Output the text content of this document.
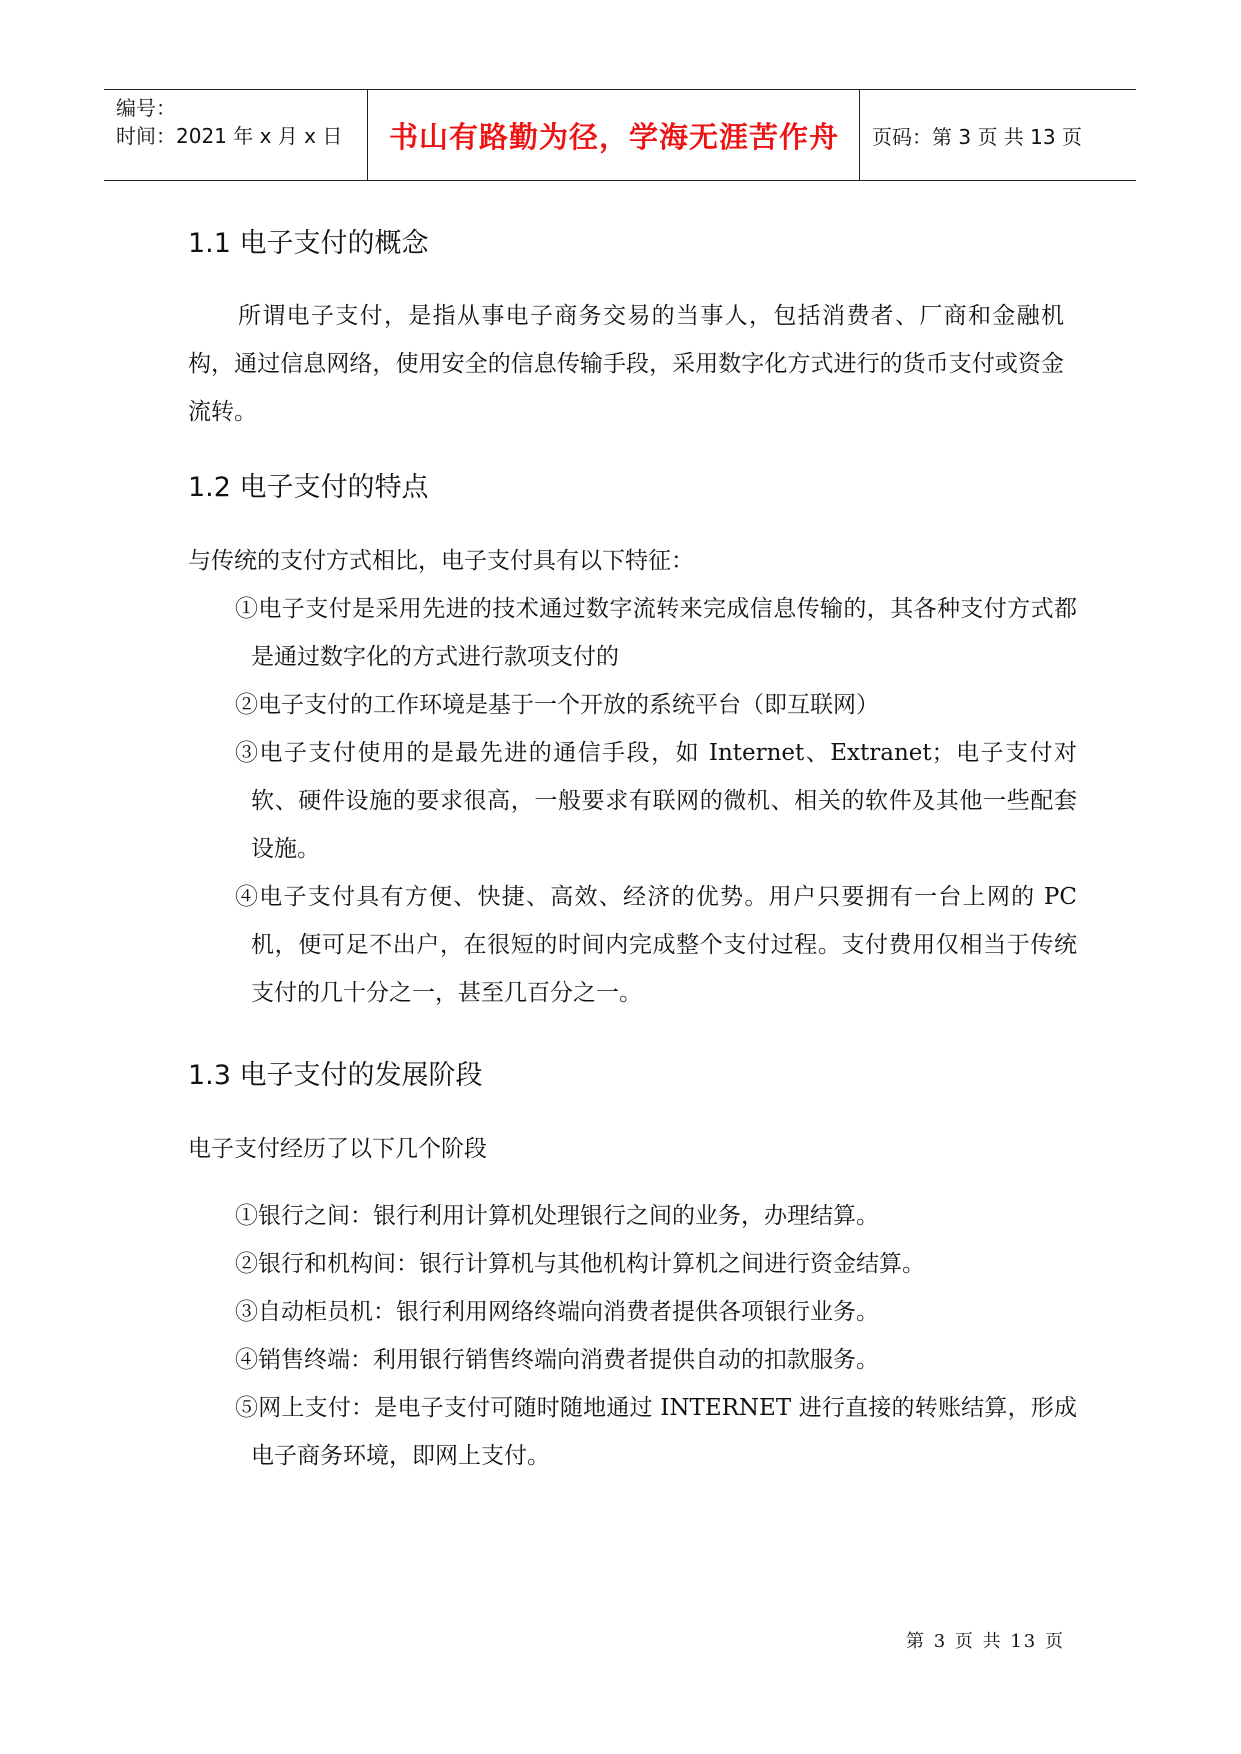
编号：
时间：2021 年 x 月 x 日	书山有路勤为径，学海无涯苦作舟	页码：第 3 页 共 13 页
1.1 电子支付的概念
所谓电子支付，是指从事电子商务交易的当事人，包括消费者、厂商和金融机构，通过信息网络，使用安全的信息传输手段，采用数字化方式进行的货币支付或资金流转。
1.2 电子支付的特点
与传统的支付方式相比，电子支付具有以下特征：
①电子支付是采用先进的技术通过数字流转来完成信息传输的，其各种支付方式都是通过数字化的方式进行款项支付的
②电子支付的工作环境是基于一个开放的系统平台（即互联网）
③电子支付使用的是最先进的通信手段，如 Internet、Extranet；电子支付对软、硬件设施的要求很高，一般要求有联网的微机、相关的软件及其他一些配套设施。
④电子支付具有方便、快捷、高效、经济的优势。用户只要拥有一台上网的 PC 机，便可足不出户，在很短的时间内完成整个支付过程。支付费用仅相当于传统支付的几十分之一，甚至几百分之一。
1.3 电子支付的发展阶段
电子支付经历了以下几个阶段
①银行之间：银行利用计算机处理银行之间的业务，办理结算。
②银行和机构间：银行计算机与其他机构计算机之间进行资金结算。
③自动柜员机：银行利用网络终端向消费者提供各项银行业务。
④销售终端：利用银行销售终端向消费者提供自动的扣款服务。
⑤网上支付：是电子支付可随时随地通过 INTERNET 进行直接的转账结算，形成电子商务环境，即网上支付。
第 3 页 共 13 页
